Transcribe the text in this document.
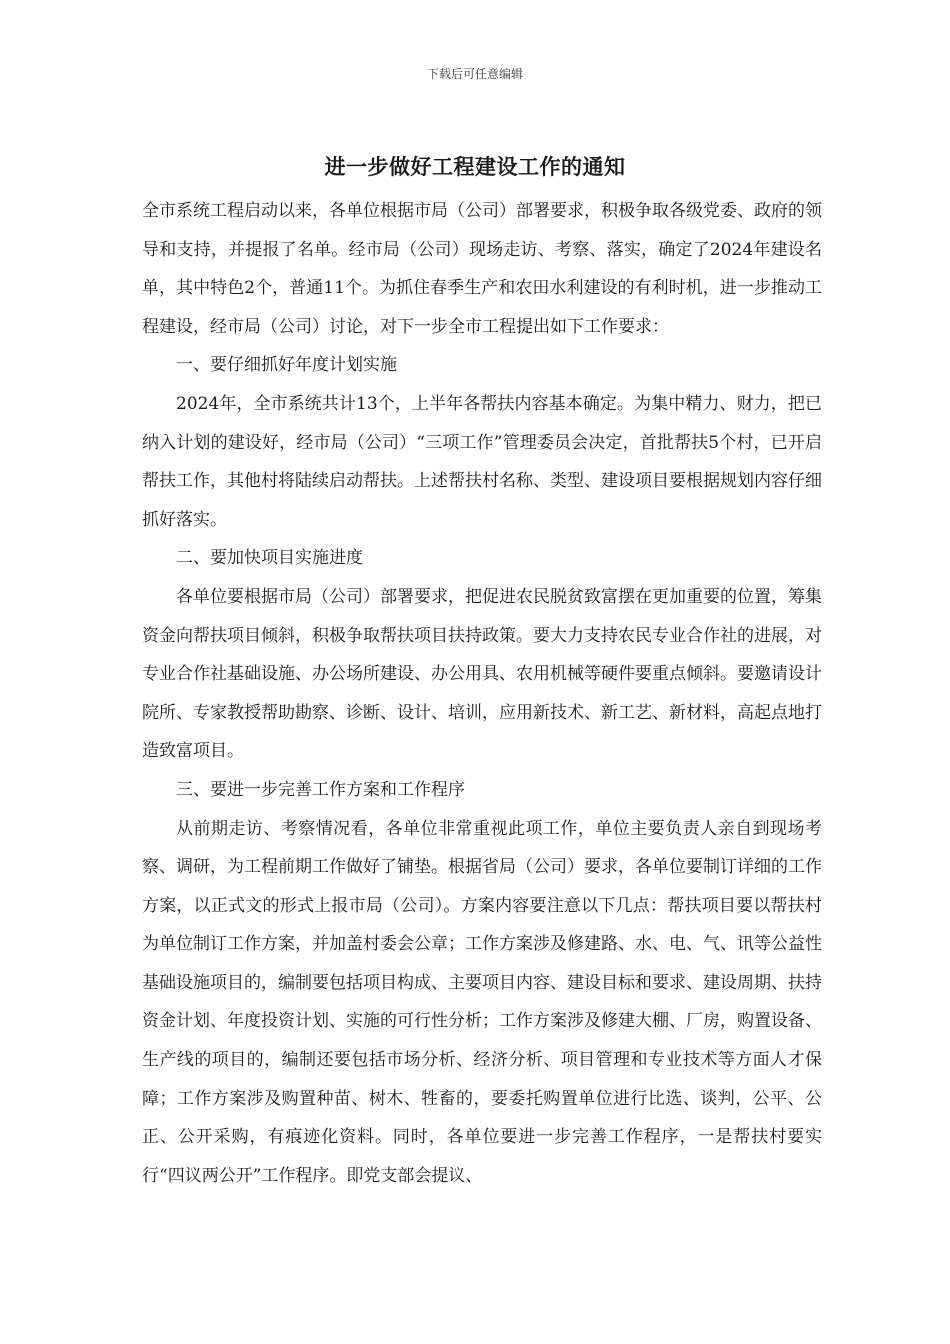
下载后可任意编辑
进一步做好工程建设工作的通知

全市系统工程启动以来，各单位根据市局（公司）部署要求，积极争取各级党委、政府的领导和支持，并提报了名单。经市局（公司）现场走访、考察、落实，确定了2024年建设名单，其中特色2个，普通11个。为抓住春季生产和农田水利建设的有利时机，进一步推动工程建设，经市局（公司）讨论，对下一步全市工程提出如下工作要求：

一、要仔细抓好年度计划实施

2024年，全市系统共计13个，上半年各帮扶内容基本确定。为集中精力、财力，把已纳入计划的建设好，经市局（公司）“三项工作”管理委员会决定，首批帮扶5个村，已开启帮扶工作，其他村将陆续启动帮扶。上述帮扶村名称、类型、建设项目要根据规划内容仔细抓好落实。

二、要加快项目实施进度

各单位要根据市局（公司）部署要求，把促进农民脱贫致富摆在更加重要的位置，筹集资金向帮扶项目倾斜，积极争取帮扶项目扶持政策。要大力支持农民专业合作社的进展，对专业合作社基础设施、办公场所建设、办公用具、农用机械等硬件要重点倾斜。要邀请设计院所、专家教授帮助勘察、诊断、设计、培训，应用新技术、新工艺、新材料，高起点地打造致富项目。

三、要进一步完善工作方案和工作程序

从前期走访、考察情况看，各单位非常重视此项工作，单位主要负责人亲自到现场考察、调研，为工程前期工作做好了铺垫。根据省局（公司）要求，各单位要制订详细的工作方案，以正式文的形式上报市局（公司）。方案内容要注意以下几点：帮扶项目要以帮扶村为单位制订工作方案，并加盖村委会公章；工作方案涉及修建路、水、电、气、讯等公益性基础设施项目的，编制要包括项目构成、主要项目内容、建设目标和要求、建设周期、扶持资金计划、年度投资计划、实施的可行性分析；工作方案涉及修建大棚、厂房，购置设备、生产线的项目的，编制还要包括市场分析、经济分析、项目管理和专业技术等方面人才保障；工作方案涉及购置种苗、树木、牲畜的，要委托购置单位进行比选、谈判，公平、公正、公开采购，有痕迹化资料。同时，各单位要进一步完善工作程序，一是帮扶村要实行“四议两公开”工作程序。即党支部会提议、
